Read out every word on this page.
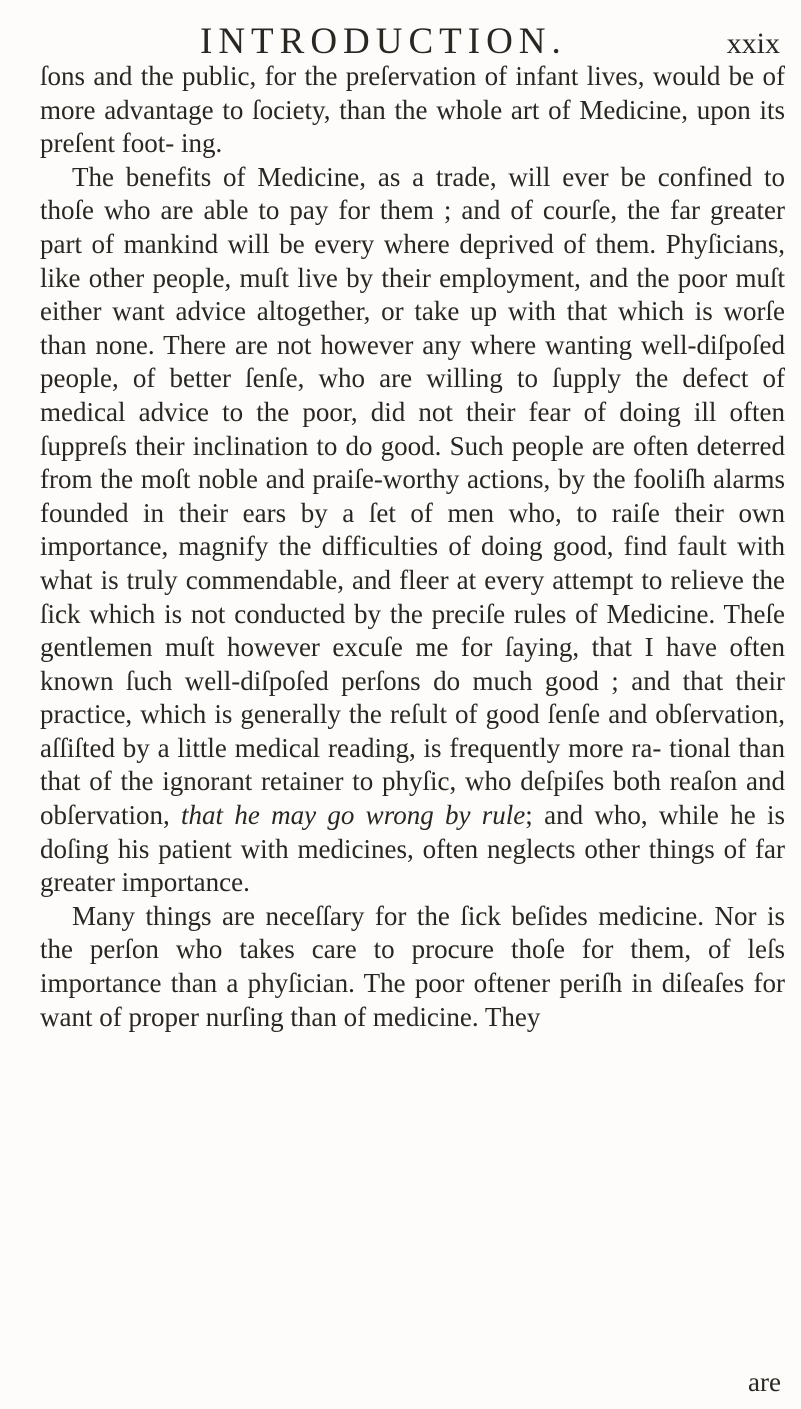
INTRODUCTION.	xxix

ſons and the public, for the preſervation of infant lives, would be of more advantage to ſociety, than the whole art of Medicine, upon its preſent foot- ing.

The benefits of Medicine, as a trade, will ever be confined to thoſe who are able to pay for them ; and of courſe, the far greater part of mankind will be every where deprived of them. Phyſicians, like other people, muſt live by their employment, and the poor muſt either want advice altogether, or take up with that which is worſe than none. There are not however any where wanting well-diſpoſed people, of better ſenſe, who are willing to ſupply the defect of medical advice to the poor, did not their fear of doing ill often ſuppreſs their inclination to do good. Such people are often deterred from the moſt noble and praiſe-worthy actions, by the fooliſh alarms founded in their ears by a ſet of men who, to raiſe their own importance, magnify the difficulties of doing good, find fault with what is truly commendable, and fleer at every attempt to relieve the ſick which is not conducted by the preciſe rules of Medicine. Theſe gentlemen muſt however excuſe me for ſaying, that I have often known ſuch well-diſpoſed perſons do much good ; and that their practice, which is generally the reſult of good ſenſe and obſervation, aſſiſted by a little medical reading, is frequently more ra- tional than that of the ignorant retainer to phyſic, who deſpiſes both reaſon and obſervation, that he may go wrong by rule; and who, while he is doſing his patient with medicines, often neglects other things of far greater importance.

Many things are neceſſary for the ſick beſides medicine. Nor is the perſon who takes care to procure thoſe for them, of leſs importance than a phyſician. The poor oftener periſh in diſeaſes for want of proper nurſing than of medicine. They

are
